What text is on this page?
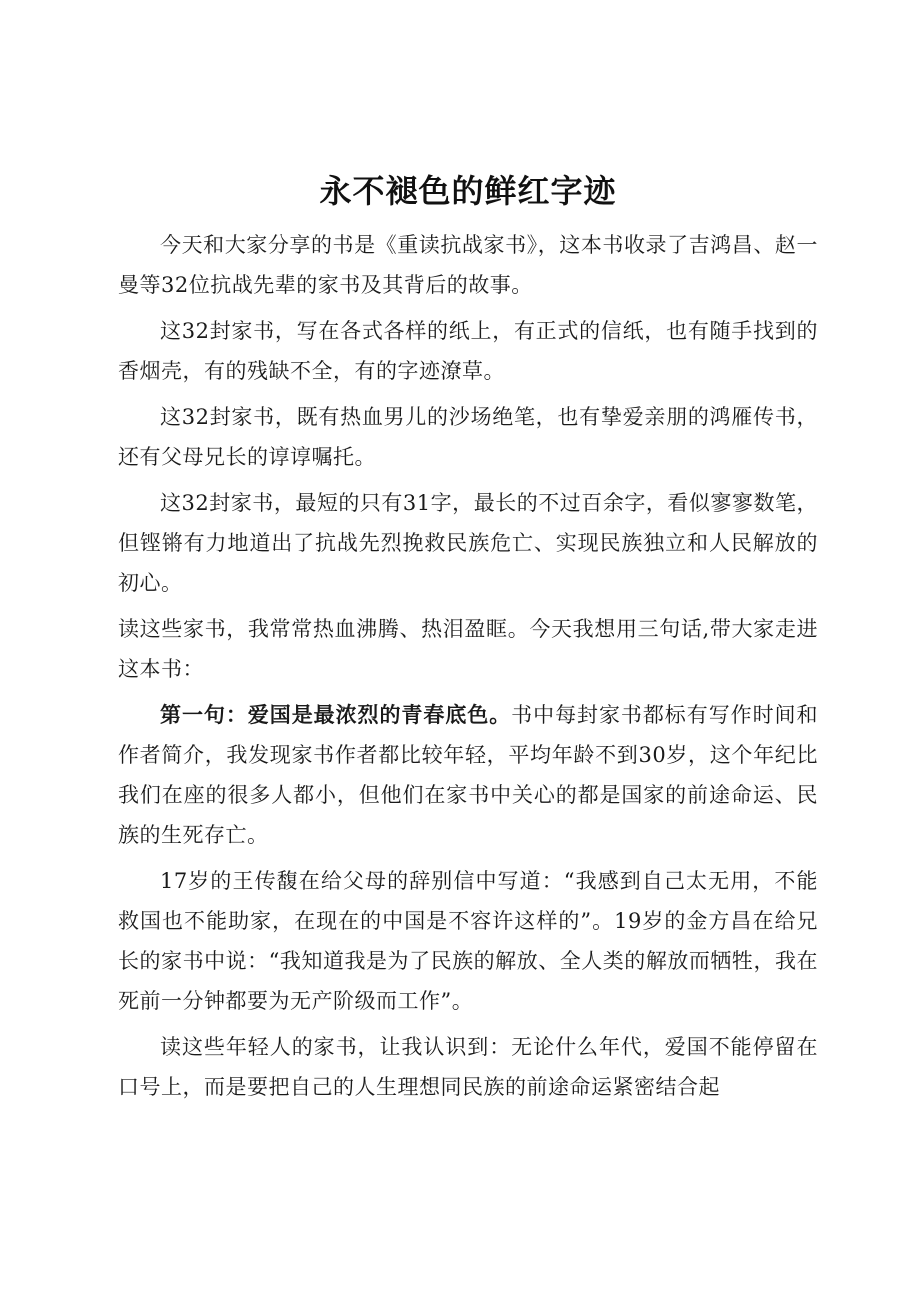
永不褪色的鲜红字迹

今天和大家分享的书是《重读抗战家书》，这本书收录了吉鸿昌、赵一曼等32位抗战先辈的家书及其背后的故事。

这32封家书，写在各式各样的纸上，有正式的信纸，也有随手找到的香烟壳，有的残缺不全，有的字迹潦草。

这32封家书，既有热血男儿的沙场绝笔，也有挚爱亲朋的鸿雁传书，还有父母兄长的谆谆嘱托。

这32封家书，最短的只有31字，最长的不过百余字，看似寥寥数笔，但铿锵有力地道出了抗战先烈挽救民族危亡、实现民族独立和人民解放的初心。

读这些家书，我常常热血沸腾、热泪盈眶。今天我想用三句话,带大家走进这本书：

第一句：爱国是最浓烈的青春底色。书中每封家书都标有写作时间和作者简介，我发现家书作者都比较年轻，平均年龄不到30岁，这个年纪比我们在座的很多人都小，但他们在家书中关心的都是国家的前途命运、民族的生死存亡。

17岁的王传馥在给父母的辞别信中写道：“我感到自己太无用，不能救国也不能助家，在现在的中国是不容许这样的”。19岁的金方昌在给兄长的家书中说：“我知道我是为了民族的解放、全人类的解放而牺牲，我在死前一分钟都要为无产阶级而工作”。

读这些年轻人的家书，让我认识到：无论什么年代，爱国不能停留在口号上，而是要把自己的人生理想同民族的前途命运紧密结合起
